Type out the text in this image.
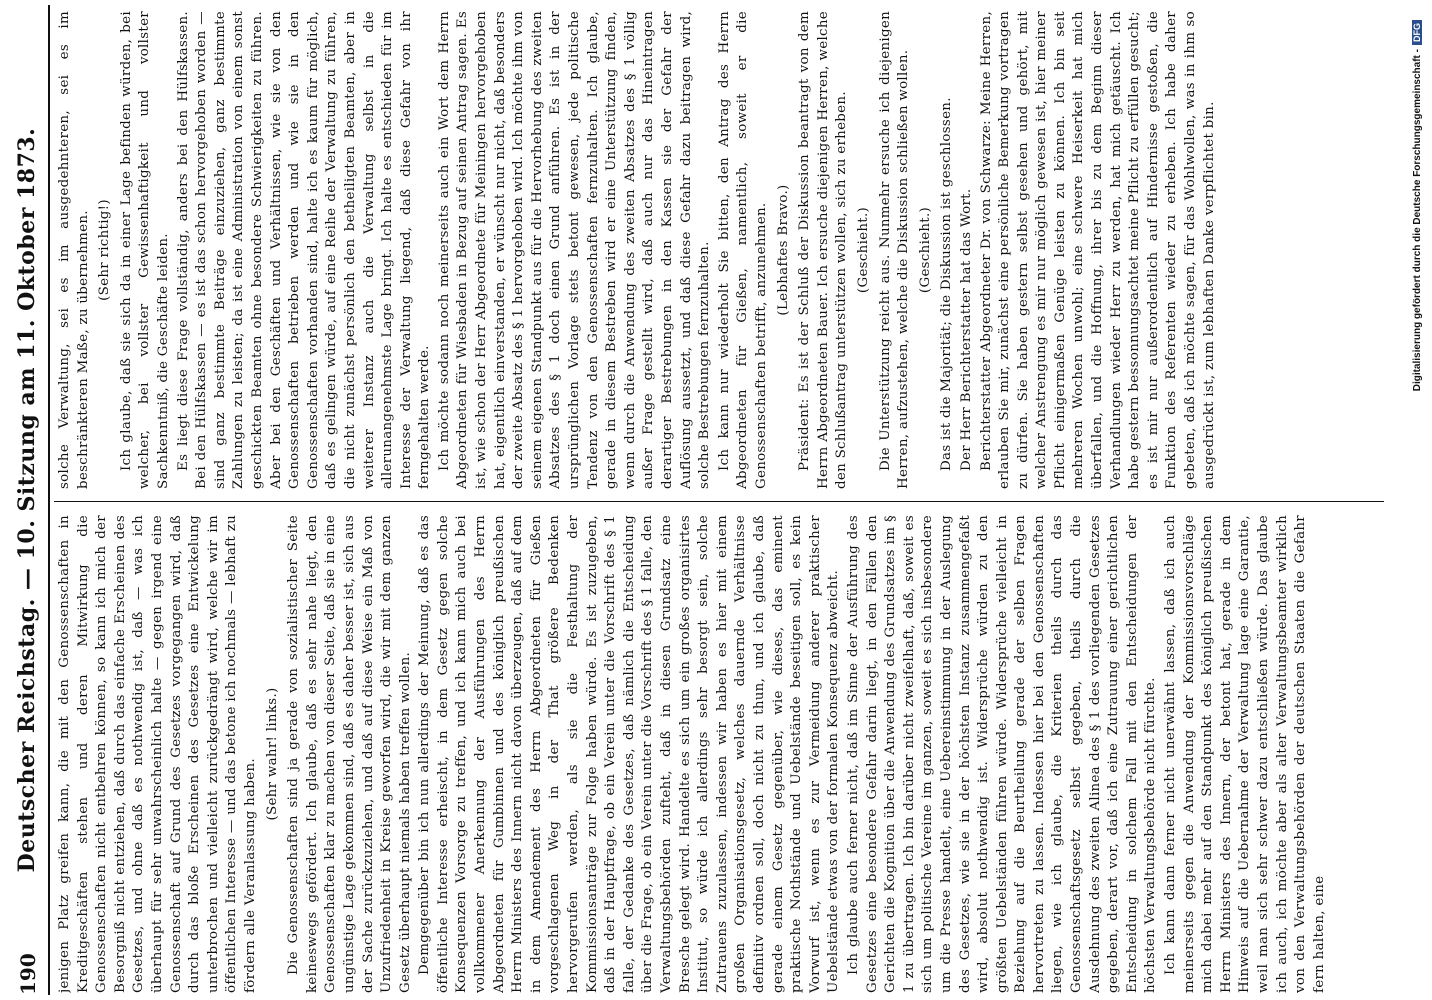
190
Deutscher Reichstag. — 10. Sitzung am 11. Oktober 1873. jenigen Platz greifen kann, die mit den Genossenschaften in Kreditgeschäften stehen und deren Mitwirkung die Genossenschaften nicht entbehren können, so kann ich mich der Besorgniß nicht entziehen, daß durch das einfache Erscheinen des Gesetzes, und ohne daß es nothwendig ist, daß — was ich überhaupt für sehr unwahrscheinlich halte — gegen irgend eine Genossenschaft auf Grund des Gesetzes vorgegangen wird, daß durch das bloße Erscheinen des Gesetzes eine Entwickelung unterbrochen und vielleicht zurückgedrängt wird, welche wir im öffentlichen Interesse — und das betone ich nochmals — lebhaft zu fördern alle Veranlassung haben.

(Sehr wahr! links.) Die Genossenschaften sind ja gerade von sozialistischer Seite keineswegs gefördert. Ich glaube, daß es sehr nahe liegt, den Genossenschaften klar zu machen von dieser Seite, daß sie in eine ungünstige Lage gekommen sind, daß es daher besser ist, sich aus der Sache zurückzuziehen, und daß auf diese Weise ein Maß von Unzufriedenheit in Kreise geworfen wird, die wir mit dem ganzen Gesetz überhaupt niemals haben treffen wollen. Demgegenüber bin ich nun allerdings der Meinung, daß es das öffentliche Interesse erheischt, in dem Gesetz gegen solche Konsequenzen Vorsorge zu treffen, und ich kann mich auch bei vollkommener Anerkennung der Ausführungen des Herrn Abgeordneten für Gumbinnen und des königlich preußischen Herrn Ministers des Innern nicht davon überzeugen, daß auf dem in dem Amendement des Herrn Abgeordneten für Gießen vorgeschlagenen Weg in der That größere Bedenken hervorgerufen werden, als sie die Festhaltung der Kommissionsanträge zur Folge haben würde. Es ist zuzugeben, daß in der Hauptfrage, ob ein Verein unter die Vorschrift des § 1 falle, der Gedanke des Gesetzes, daß nämlich die Entscheidung über die Frage, ob ein Verein unter die Vorschrift des § 1 falle, den Verwaltungsbehörden zufteht, daß in diesen Grundsatz eine Bresche gelegt wird. Handelte es sich um ein großes organisirtes Institut, so würde ich allerdings sehr besorgt sein, solche Zutrauens zuzulassen, indessen wir haben es hier mit einem großen Organisationsgesetz, welches dauernde Verhältnisse definitiv ordnen soll, doch nicht zu thun, und ich glaube, daß gerade einem Gesetz gegenüber, wie dieses, das eminent praktische Nothstände und Uebelstände beseitigen soll, es kein Vorwurf ist, wenn es zur Vermeidung anderer praktischer Uebelstände etwas von der formalen Konsequenz abweicht. Ich glaube auch ferner nicht, daß im Sinne der Ausführung des Gesetzes eine besondere Gefahr darin liegt, in den Fällen den Gerichten die Kognition über die Anwendung des Grundsatzes im § 1 zu übertragen. Ich bin darüber nicht zweifelhaft, daß, soweit es sich um politische Vereine im ganzen, soweit es sich insbesondere um die Presse handelt, eine Uebereinstimmung in der Auslegung des Gesetzes, wie sie in der höchsten Instanz zusammengefaßt wird, absolut nothwendig ist. Widersprüche würden zu den größten Uebelständen führen würde. Widersprüche vielleicht in Beziehung auf die Beurtheilung gerade der selben Fragen hervortreten zu lassen. Indessen hier bei den Genossenschaften liegen, wie ich glaube, die Kriterien theils durch das Genossenschaftsgesetz selbst gegeben, theils durch die Ausdehnung des zweiten Alinea des § 1 des vorliegenden Gesetzes gegeben, derart vor, daß ich eine Zutrauung einer gerichtlichen Entscheidung in solchem Fall mit den Entscheidungen der höchsten Verwaltungsbehörde nicht fürchte. Ich kann dann ferner nicht unerwähnt lassen, daß ich auch meinerseits gegen die Anwendung der Kommissionsvorschläge mich dabei mehr auf den Standpunkt des königlich preußischen Herrn Ministers des Innern, der betont hat, gerade in dem Hinweis auf die Uebernahme der Verwaltung lage eine Garantie, weil man sich sehr schwer dazu entschließen würde. Das glaube ich auch, ich möchte aber als alter Verwaltungsbeamter wirklich von den Verwaltungsbehörden der deutschen Staaten die Gefahr fern halten, eine

solche Verwaltung, sei es im ausgedehnteren, sei es im beschränkteren Maße, zu übernehmen. (Sehr richtig!) Ich glaube, daß sie sich da in einer Lage befinden würden, bei welcher, bei vollster Gewissenhaftigkeit und vollster Sachkenntniß, die Geschäfte leiden. Es liegt diese Frage vollständig, anders bei den Hülfskassen. Bei den Hülfskassen — es ist das schon hervorgehoben worden — sind ganz bestimmte Beiträge einzuziehen, ganz bestimmte Zahlungen zu leisten; da ist eine Administration von einem sonst geschickten Beamten ohne besondere Schwierigkeiten zu führen. Aber bei den Geschäften und Verhältnissen, wie sie von den Genossenschaften betrieben werden und wie sie in den Genossenschaften vorhanden sind, halte ich es kaum für möglich, daß es gelingen würde, auf eine Reihe der Verwaltung zu führen, die nicht zunächst persönlich den betheiligten Beamten, aber in weiterer Instanz auch die Verwaltung selbst in die allerunangenehmste Lage bringt. Ich halte es entschieden für im Interesse der Verwaltung liegend, daß diese Gefahr von ihr ferngehalten werde. Ich möchte sodann noch meinerseits auch ein Wort dem Herrn Abgeordneten für Wiesbaden in Bezug auf seinen Antrag sagen. Es ist, wie schon der Herr Abgeordnete für Meiningen hervorgehoben hat, eigentlich einverstanden, er wünscht nur nicht, daß besonders der zweite Absatz des § 1 hervorgehoben wird. Ich möchte ihm von seinem eigenen Standpunkt aus für die Hervorhebung des zweiten Absatzes des § 1 doch einen Grund anführen. Es ist in der ursprünglichen Vorlage stets betont gewesen, jede politische Tendenz von den Genossenschaften fernzuhalten. Ich glaube, gerade in diesem Bestreben wird er eine Unterstützung finden, wenn durch die Anwendung des zweiten Absatzes des § 1 völlig außer Frage gestellt wird, daß auch nur das Hineintragen derartiger Bestrebungen in den Kassen sie der Gefahr der Auflösung aussetzt, und daß diese Gefahr dazu beitragen wird, solche Bestrebungen fernzuhalten. Ich kann nur wiederholt Sie bitten, den Antrag des Herrn Abgeordneten für Gießen, namentlich, soweit er die Genossenschaften betrifft, anzunehmen. (Lebhaftes Bravo.) Präsident: Es ist der Schluß der Diskussion beantragt von dem Herrn Abgeordneten Bauer. Ich ersuche diejenigen Herren, welche den Schlußantrag unterstützen wollen, sich zu erheben. (Geschieht.) Die Unterstützung reicht aus. Nunmehr ersuche ich diejenigen Herren, aufzustehen, welche die Diskussion schließen wollen. (Geschieht.) Das ist die Majorität; die Diskussion ist geschlossen. Der Herr Berichterstatter hat das Wort. Berichterstatter Abgeordneter Dr. von Schwarze: Meine Herren, erlauben Sie mir, zunächst eine persönliche Bemerkung vortragen zu dürfen. Sie haben gestern selbst gesehen und gehört, mit welcher Anstrengung es mir nur möglich gewesen ist, hier meiner Pflicht einigermaßen Genüge leisten zu können. Ich bin seit mehreren Wochen unwohl; eine schwere Heiserkeit hat mich überfallen, und die Hoffnung, ihrer bis zu dem Beginn dieser Verhandlungen wieder Herr zu werden, hat mich getäuscht. Ich habe gestern bessonnungsachtet meine Pflicht zu erfüllen gesucht; es ist mir nur außerordentlich auf Hindernisse gestoßen, die Funktion des Referenten wieder zu erheben. Ich habe daher gebeten, daß ich möchte sagen, für das Wohlwollen, was in ihm so ausgedrückt ist, zum lebhaften Danke verpflichtet bin.	Digitalisierung gefördert durch die Deutsche Forschungsgemeinschaft -
DFG
